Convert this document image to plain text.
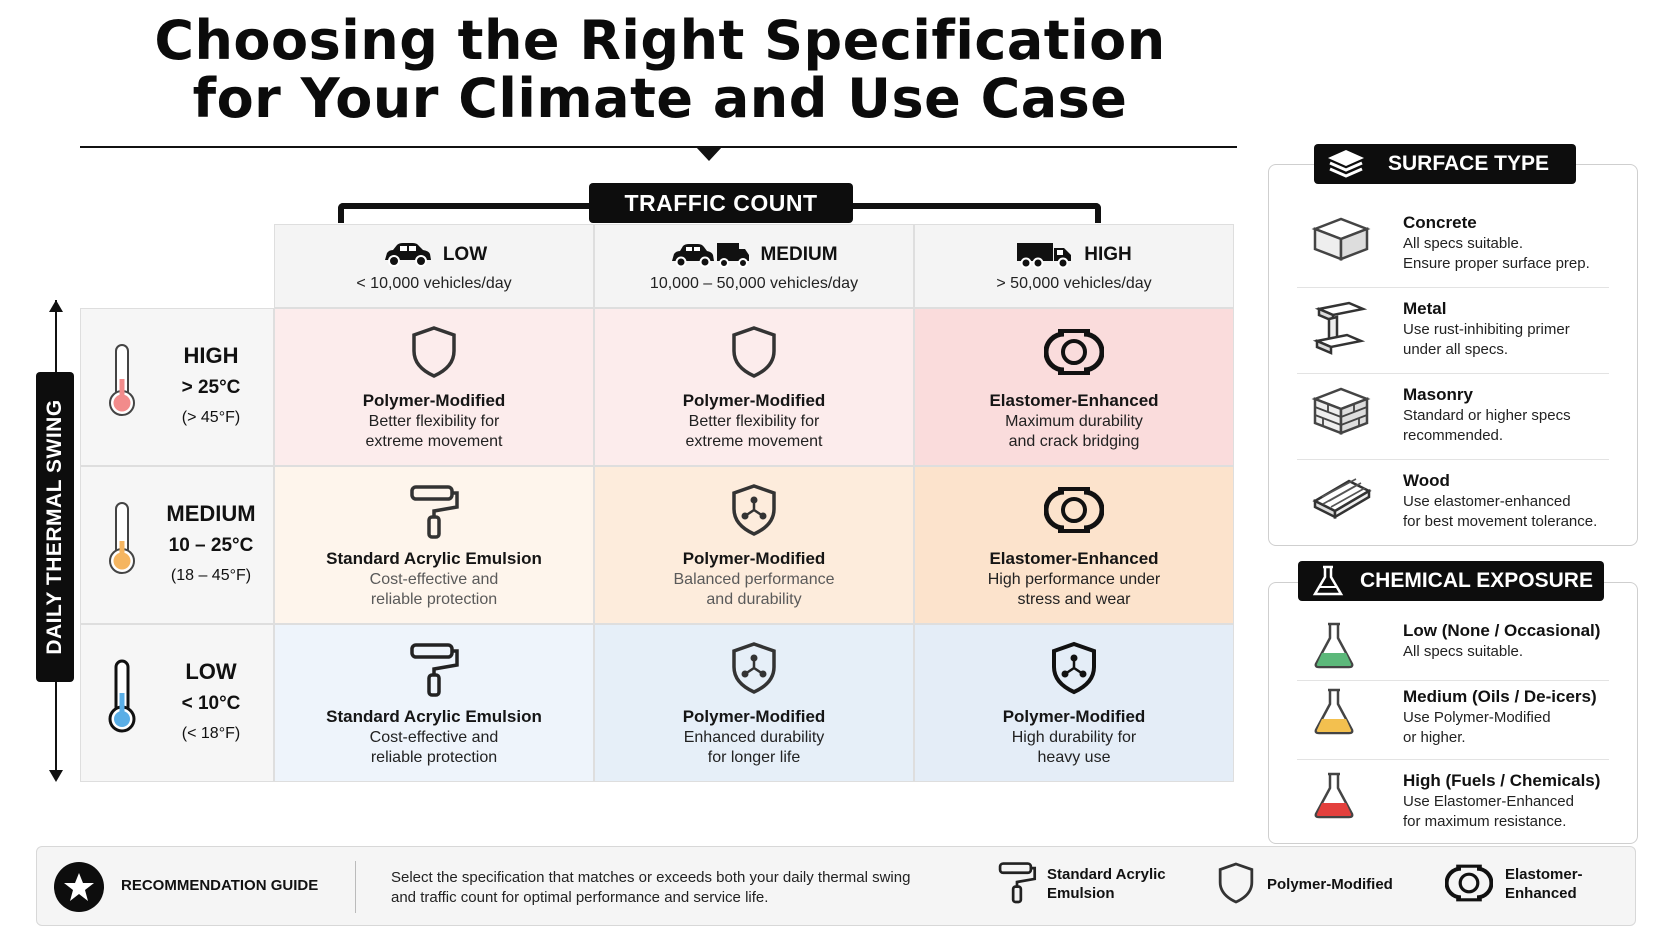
Choosing the Right Specification
for Your Climate and Use Case
TRAFFIC COUNT
DAILY THERMAL SWING
LOW
< 10,000 vehicles/day
MEDIUM
10,000 – 50,000 vehicles/day
HIGH
> 50,000 vehicles/day
HIGH
> 25°C
(> 45°F)
MEDIUM
10 – 25°C
(18 – 45°F)
LOW
< 10°C
(< 18°F)
Polymer-Modified
Better flexibility for
extreme movement
Polymer-Modified
Better flexibility for
extreme movement
Elastomer-Enhanced
Maximum durability
and crack bridging
Standard Acrylic Emulsion
Cost-effective and
reliable protection
Polymer-Modified
Balanced performance
and durability
Elastomer-Enhanced
High performance under
stress and wear
Standard Acrylic Emulsion
Cost-effective and
reliable protection
Polymer-Modified
Enhanced durability
for longer life
Polymer-Modified
High durability for
heavy use
Concrete
All specs suitable.
Ensure proper surface prep.
Metal
Use rust-inhibiting primer
under all specs.
Masonry
Standard or higher specs
recommended.
Wood
Use elastomer-enhanced
for best movement tolerance.
SURFACE TYPE
Low (None / Occasional)
All specs suitable.
Medium (Oils / De-icers)
Use Polymer-Modified
or higher.
High (Fuels / Chemicals)
Use Elastomer-Enhanced
for maximum resistance.
CHEMICAL EXPOSURE
RECOMMENDATION GUIDE	Select the specification that matches or exceeds both your daily thermal swing
and traffic count for optimal performance and service life.
Standard Acrylic
Emulsion
Polymer-Modified
Elastomer-
Enhanced
